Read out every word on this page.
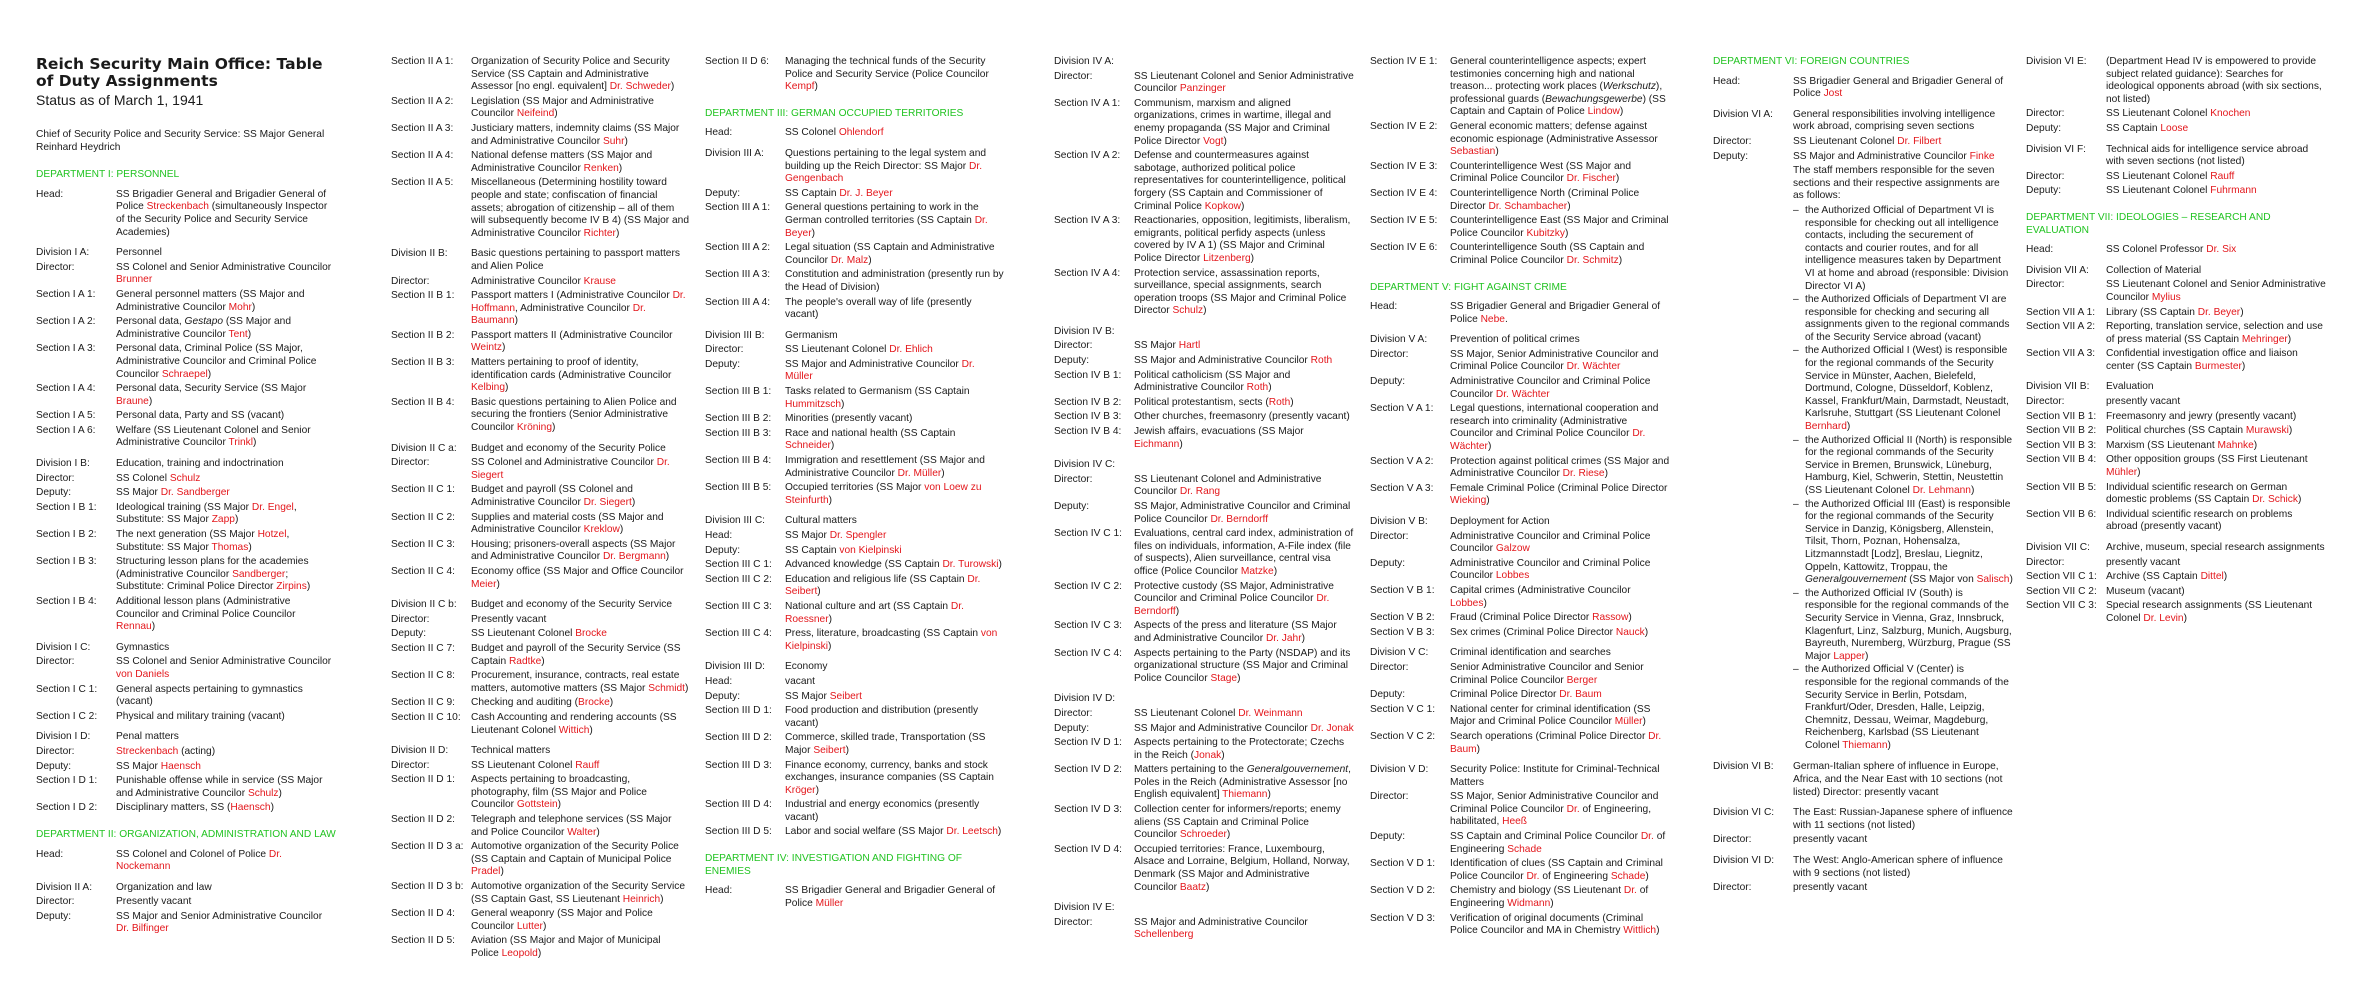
Reich Security Main Office: Table of Duty Assignments
Status as of March 1, 1941
Chief of Security Police and Security Service: SS Major General Reinhard Heydrich
DEPARTMENT I: PERSONNEL
Head:	SS Brigadier General and Brigadier General of Police Streckenbach (simultaneously Inspector of the Security Police and Security Service Academies)
Division I A:	Personnel
Director:	SS Colonel and Senior Administrative Councilor Brunner
Section I A 1:	General personnel matters (SS Major and Administrative Councilor Mohr)
Section I A 2:	Personal data, Gestapo (SS Major and Administrative Councilor Tent)
Section I A 3:	Personal data, Criminal Police (SS Major, Administrative Councilor and Criminal Police Councilor Schraepel)
Section I A 4:	Personal data, Security Service (SS Major Braune)
Section I A 5:	Personal data, Party and SS (vacant)
Section I A 6:	Welfare (SS Lieutenant Colonel and Senior Administrative Councilor Trinkl)
Division I B:	Education, training and indoctrination
Director:	SS Colonel Schulz
Deputy:	SS Major Dr. Sandberger
Section I B 1:	Ideological training (SS Major Dr. Engel, Substitute: SS Major Zapp)
Section I B 2:	The next generation (SS Major Hotzel, Substitute: SS Major Thomas)
Section I B 3:	Structuring lesson plans for the academies (Administrative Councilor Sandberger; Substitute: Criminal Police Director Zirpins)
Section I B 4:	Additional lesson plans (Administrative Councilor and Criminal Police Councilor Rennau)
Division I C:	Gymnastics
Director:	SS Colonel and Senior Administrative Councilor von Daniels
Section I C 1:	General aspects pertaining to gymnastics (vacant)
Section I C 2:	Physical and military training (vacant)
Division I D:	Penal matters
Director:	Streckenbach (acting)
Deputy:	SS Major Haensch
Section I D 1:	Punishable offense while in service (SS Major and Administrative Councilor Schulz)
Section I D 2:	Disciplinary matters, SS (Haensch)
DEPARTMENT II: ORGANIZATION, ADMINISTRATION AND LAW
Head:	SS Colonel and Colonel of Police Dr. Nockemann
Division II A:	Organization and law
Director:	Presently vacant
Deputy:	SS Major and Senior Administrative Councilor Dr. Bilfinger
Section II A 1:	Organization of Security Police and Security Service (SS Captain and Administrative Assessor [no engl. equivalent] Dr. Schweder)
Section II A 2:	Legislation (SS Major and Administrative Councilor Neifeind)
Section II A 3:	Justiciary matters, indemnity claims (SS Major and Administrative Councilor Suhr)
Section II A 4:	National defense matters (SS Major and Administrative Councilor Renken)
Section II A 5:	Miscellaneous (Determining hostility toward people and state; confiscation of financial assets; abrogation of citizenship – all of them will subsequently become IV B 4) (SS Major and Administrative Councilor Richter)
Division II B:	Basic questions pertaining to passport matters and Alien Police
Director:	Administrative Councilor Krause
Section II B 1:	Passport matters I (Administrative Councilor Dr. Hoffmann, Administrative Councilor Dr. Baumann)
Section II B 2:	Passport matters II (Administrative Councilor Weintz)
Section II B 3:	Matters pertaining to proof of identity, identification cards (Administrative Councilor Kelbing)
Section II B 4:	Basic questions pertaining to Alien Police and securing the frontiers (Senior Administrative Councilor Kröning)
Division II C a:	Budget and economy of the Security Police
Director:	SS Colonel and Administrative Councilor Dr. Siegert
Section II C 1:	Budget and payroll (SS Colonel and Administrative Councilor Dr. Siegert)
Section II C 2:	Supplies and material costs (SS Major and Administrative Councilor Kreklow)
Section II C 3:	Housing; prisoners-overall aspects (SS Major and Administrative Councilor Dr. Bergmann)
Section II C 4:	Economy office (SS Major and Office Councilor Meier)
Division II C b:	Budget and economy of the Security Service
Director:	Presently vacant
Deputy:	SS Lieutenant Colonel Brocke
Section II C 7:	Budget and payroll of the Security Service (SS Captain Radtke)
Section II C 8:	Procurement, insurance, contracts, real estate matters, automotive matters (SS Major Schmidt)
Section II C 9:	Checking and auditing (Brocke)
Section II C 10:	Cash Accounting and rendering accounts (SS Lieutenant Colonel Wittich)
Division II D:	Technical matters
Director:	SS Lieutenant Colonel Rauff
Section II D 1:	Aspects pertaining to broadcasting, photography, film (SS Major and Police Councilor Gottstein)
Section II D 2:	Telegraph and telephone services (SS Major and Police Councilor Walter)
Section II D 3 a: Automotive organization of the Security Police (SS Captain and Captain of Municipal Police Pradel)
Section II D 3 b: Automotive organization of the Security Service (SS Captain Gast, SS Lieutenant Heinrich)
Section II D 4:	General weaponry (SS Major and Police Councilor Lutter)
Section II D 5:	Aviation (SS Major and Major of Municipal Police Leopold)
Section II D 6:	Managing the technical funds of the Security Police and Security Service (Police Councilor Kempf)
DEPARTMENT III: GERMAN OCCUPIED TERRITORIES
Head:	SS Colonel Ohlendorf
Division III A:	Questions pertaining to the legal system and building up the Reich Director: SS Major Dr. Gengenbach
Deputy:	SS Captain Dr. J. Beyer
Section III A 1:	General questions pertaining to work in the German controlled territories (SS Captain Dr. Beyer)
Section III A 2:	Legal situation (SS Captain and Administrative Councilor Dr. Malz)
Section III A 3:	Constitution and administration (presently run by the Head of Division)
Section III A 4:	The people's overall way of life (presently vacant)
Division III B:	Germanism
Director:	SS Lieutenant Colonel Dr. Ehlich
Deputy:	SS Major and Administrative Councilor Dr. Müller
Section III B 1:	Tasks related to Germanism (SS Captain Hummitzsch)
Section III B 2:	Minorities (presently vacant)
Section III B 3:	Race and national health (SS Captain Schneider)
Section III B 4:	Immigration and resettlement (SS Major and Administrative Councilor Dr. Müller)
Section III B 5:	Occupied territories (SS Major von Loew zu Steinfurth)
Division III C:	Cultural matters
Head:	SS Major Dr. Spengler
Deputy:	SS Captain von Kielpinski
Section III C 1:	Advanced knowledge (SS Captain Dr. Turowski)
Section III C 2:	Education and religious life (SS Captain Dr. Seibert)
Section III C 3:	National culture and art (SS Captain Dr. Roessner)
Section III C 4:	Press, literature, broadcasting (SS Captain von Kielpinski)
Division III D:	Economy
Head:	vacant
Deputy:	SS Major Seibert
Section III D 1:	Food production and distribution (presently vacant)
Section III D 2:	Commerce, skilled trade, Transportation (SS Major Seibert)
Section III D 3:	Finance economy, currency, banks and stock exchanges, insurance companies (SS Captain Kröger)
Section III D 4:	Industrial and energy economics (presently vacant)
Section III D 5:	Labor and social welfare (SS Major Dr. Leetsch)
DEPARTMENT IV: INVESTIGATION AND FIGHTING OF ENEMIES
Head:	SS Brigadier General and Brigadier General of Police Müller
Division IV A:
Director:	SS Lieutenant Colonel and Senior Administrative Councilor Panzinger
Section IV A 1:	Communism, marxism and aligned organizations, crimes in wartime, illegal and enemy propaganda (SS Major and Criminal Police Director Vogt)
Section IV A 2:	Defense and countermeasures against sabotage, authorized political police representatives for counterintelligence, political forgery (SS Captain and Commissioner of Criminal Police Kopkow)
Section IV A 3:	Reactionaries, opposition, legitimists, liberalism, emigrants, political perfidy aspects (unless covered by IV A 1) (SS Major and Criminal Police Director Litzenberg)
Section IV A 4:	Protection service, assassination reports, surveillance, special assignments, search operation troops (SS Major and Criminal Police Director Schulz)
Division IV B:
Director:	SS Major Hartl
Deputy:	SS Major and Administrative Councilor Roth
Section IV B 1:	Political catholicism (SS Major and Administrative Councilor Roth)
Section IV B 2:	Political protestantism, sects (Roth)
Section IV B 3:	Other churches, freemasonry (presently vacant)
Section IV B 4:	Jewish affairs, evacuations (SS Major Eichmann)
Division IV C:
Director:	SS Lieutenant Colonel and Administrative Councilor Dr. Rang
Deputy:	SS Major, Administrative Councilor and Criminal Police Councilor Dr. Berndorff
Section IV C 1:	Evaluations, central card index, administration of files on individuals, information, A-File index (file of suspects), Alien surveillance, central visa office (Police Councilor Matzke)
Section IV C 2:	Protective custody (SS Major, Administrative Councilor and Criminal Police Councilor Dr. Berndorff)
Section IV C 3:	Aspects of the press and literature (SS Major and Administrative Councilor Dr. Jahr)
Section IV C 4:	Aspects pertaining to the Party (NSDAP) and its organizational structure (SS Major and Criminal Police Councilor Stage)
Division IV D:
Director:	SS Lieutenant Colonel Dr. Weinmann
Deputy:	SS Major and Administrative Councilor Dr. Jonak
Section IV D 1:	Aspects pertaining to the Protectorate; Czechs in the Reich (Jonak)
Section IV D 2:	Matters pertaining to the Generalgouvernement, Poles in the Reich (Administrative Assessor [no English equivalent] Thiemann)
Section IV D 3:	Collection center for informers/reports; enemy aliens (SS Captain and Criminal Police Councilor Schroeder)
Section IV D 4:	Occupied territories: France, Luxembourg, Alsace and Lorraine, Belgium, Holland, Norway, Denmark (SS Major and Administrative Councilor Baatz)
Division IV E:
Director:	SS Major and Administrative Councilor Schellenberg
Section IV E 1:	General counterintelligence aspects; expert testimonies concerning high and national treason... protecting work places (Werkschutz), professional guards (Bewachungsgewerbe) (SS Captain and Captain of Police Lindow)
Section IV E 2:	General economic matters; defense against economic espionage (Administrative Assessor Sebastian)
Section IV E 3:	Counterintelligence West (SS Major and Criminal Police Councilor Dr. Fischer)
Section IV E 4:	Counterintelligence North (Criminal Police Director Dr. Schambacher)
Section IV E 5:	Counterintelligence East (SS Major and Criminal Police Councilor Kubitzky)
Section IV E 6:	Counterintelligence South (SS Captain and Criminal Police Councilor Dr. Schmitz)
DEPARTMENT V: FIGHT AGAINST CRIME
Head:	SS Brigadier General and Brigadier General of Police Nebe.
Division V A:	Prevention of political crimes
Director:	SS Major, Senior Administrative Councilor and Criminal Police Councilor Dr. Wächter
Deputy:	Administrative Councilor and Criminal Police Councilor Dr. Wächter
Section V A 1:	Legal questions, international cooperation and research into criminality (Administrative Councilor and Criminal Police Councilor Dr. Wächter)
Section V A 2:	Protection against political crimes (SS Major and Administrative Councilor Dr. Riese)
Section V A 3:	Female Criminal Police (Criminal Police Director Wieking)
Division V B:	Deployment for Action
Director:	Administrative Councilor and Criminal Police Councilor Galzow
Deputy:	Administrative Councilor and Criminal Police Councilor Lobbes
Section V B 1:	Capital crimes (Administrative Councilor Lobbes)
Section V B 2:	Fraud (Criminal Police Director Rassow)
Section V B 3:	Sex crimes (Criminal Police Director Nauck)
Division V C:	Criminal identification and searches
Director:	Senior Administrative Councilor and Senior Criminal Police Councilor Berger
Deputy:	Criminal Police Director Dr. Baum
Section V C 1:	National center for criminal identification (SS Major and Criminal Police Councilor Müller)
Section V C 2:	Search operations (Criminal Police Director Dr. Baum)
Division V D:	Security Police: Institute for Criminal-Technical Matters
Director:	SS Major, Senior Administrative Councilor and Criminal Police Councilor Dr. of Engineering, habilitated, Heeß
Deputy:	SS Captain and Criminal Police Councilor Dr. of Engineering Schade
Section V D 1:	Identification of clues (SS Captain and Criminal Police Councilor Dr. of Engineering Schade)
Section V D 2:	Chemistry and biology (SS Lieutenant Dr. of Engineering Widmann)
Section V D 3:	Verification of original documents (Criminal Police Councilor and MA in Chemistry Wittlich)
DEPARTMENT VI: FOREIGN COUNTRIES
Head:	SS Brigadier General and Brigadier General of Police Jost
Division VI A:	General responsibilities involving intelligence work abroad, comprising seven sections
Director:	SS Lieutenant Colonel Dr. Filbert
Deputy:	SS Major and Administrative Councilor Finke
The staff members responsible for the seven sections and their respective assignments are as follows:
– the Authorized Official of Department VI is responsible for checking out all intelligence contacts, including the securement of contacts and courier routes, and for all intelligence measures taken by Department VI at home and abroad (responsible: Division Director VI A)
– the Authorized Officials of Department VI are responsible for checking and securing all assignments given to the regional commands of the Security Service abroad (vacant)
– the Authorized Official I (West) is responsible for the regional commands of the Security Service in Münster, Aachen, Bielefeld, Dortmund, Cologne, Düsseldorf, Koblenz, Kassel, Frankfurt/Main, Darmstadt, Neustadt, Karlsruhe, Stuttgart (SS Lieutenant Colonel Bernhard)
– the Authorized Official II (North) is responsible for the regional commands of the Security Service in Bremen, Brunswick, Lüneburg, Hamburg, Kiel, Schwerin, Stettin, Neustettin (SS Lieutenant Colonel Dr. Lehmann)
– the Authorized Official III (East) is responsible for the regional commands of the Security Service in Danzig, Königsberg, Allenstein, Tilsit, Thorn, Poznan, Hohensalza, Litzmannstadt [Lodz], Breslau, Liegnitz, Oppeln, Kattowitz, Troppau, the Generalgouvernement (SS Major von Salisch)
– the Authorized Official IV (South) is responsible for the regional commands of the Security Service in Vienna, Graz, Innsbruck, Klagenfurt, Linz, Salzburg, Munich, Augsburg, Bayreuth, Nuremberg, Würzburg, Prague (SS Major Lapper)
– the Authorized Official V (Center) is responsible for the regional commands of the Security Service in Berlin, Potsdam, Frankfurt/Oder, Dresden, Halle, Leipzig, Chemnitz, Dessau, Weimar, Magdeburg, Reichenberg, Karlsbad (SS Lieutenant Colonel Thiemann)
Division VI B:	German-Italian sphere of influence in Europe, Africa, and the Near East with 10 sections (not listed) Director: presently vacant
Division VI C:	The East: Russian-Japanese sphere of influence with 11 sections (not listed)
Director:	presently vacant
Division VI D:	The West: Anglo-American sphere of influence with 9 sections (not listed)
Director:	presently vacant
Division VI E:	(Department Head IV is empowered to provide subject related guidance): Searches for ideological opponents abroad (with six sections, not listed)
Director:	SS Lieutenant Colonel Knochen
Deputy:	SS Captain Loose
Division VI F:	Technical aids for intelligence service abroad with seven sections (not listed)
Director:	SS Lieutenant Colonel Rauff
Deputy:	SS Lieutenant Colonel Fuhrmann
DEPARTMENT VII: IDEOLOGIES – RESEARCH AND EVALUATION
Head:	SS Colonel Professor Dr. Six
Division VII A:	Collection of Material
Director:	SS Lieutenant Colonel and Senior Administrative Councilor Mylius
Section VII A 1:	Library (SS Captain Dr. Beyer)
Section VII A 2:	Reporting, translation service, selection and use of press material (SS Captain Mehringer)
Section VII A 3:	Confidential investigation office and liaison center (SS Captain Burmester)
Division VII B:	Evaluation
Director:	presently vacant
Section VII B 1: Freemasonry and jewry (presently vacant)
Section VII B 2: Political churches (SS Captain Murawski)
Section VII B 3: Marxism (SS Lieutenant Mahnke)
Section VII B 4: Other opposition groups (SS First Lieutenant Mühler)
Section VII B 5: Individual scientific research on German domestic problems (SS Captain Dr. Schick)
Section VII B 6: Individual scientific research on problems abroad (presently vacant)
Division VII C:	Archive, museum, special research assignments
Director:	presently vacant
Section VII C 1: Archive (SS Captain Dittel)
Section VII C 2: Museum (vacant)
Section VII C 3: Special research assignments (SS Lieutenant Colonel Dr. Levin)
